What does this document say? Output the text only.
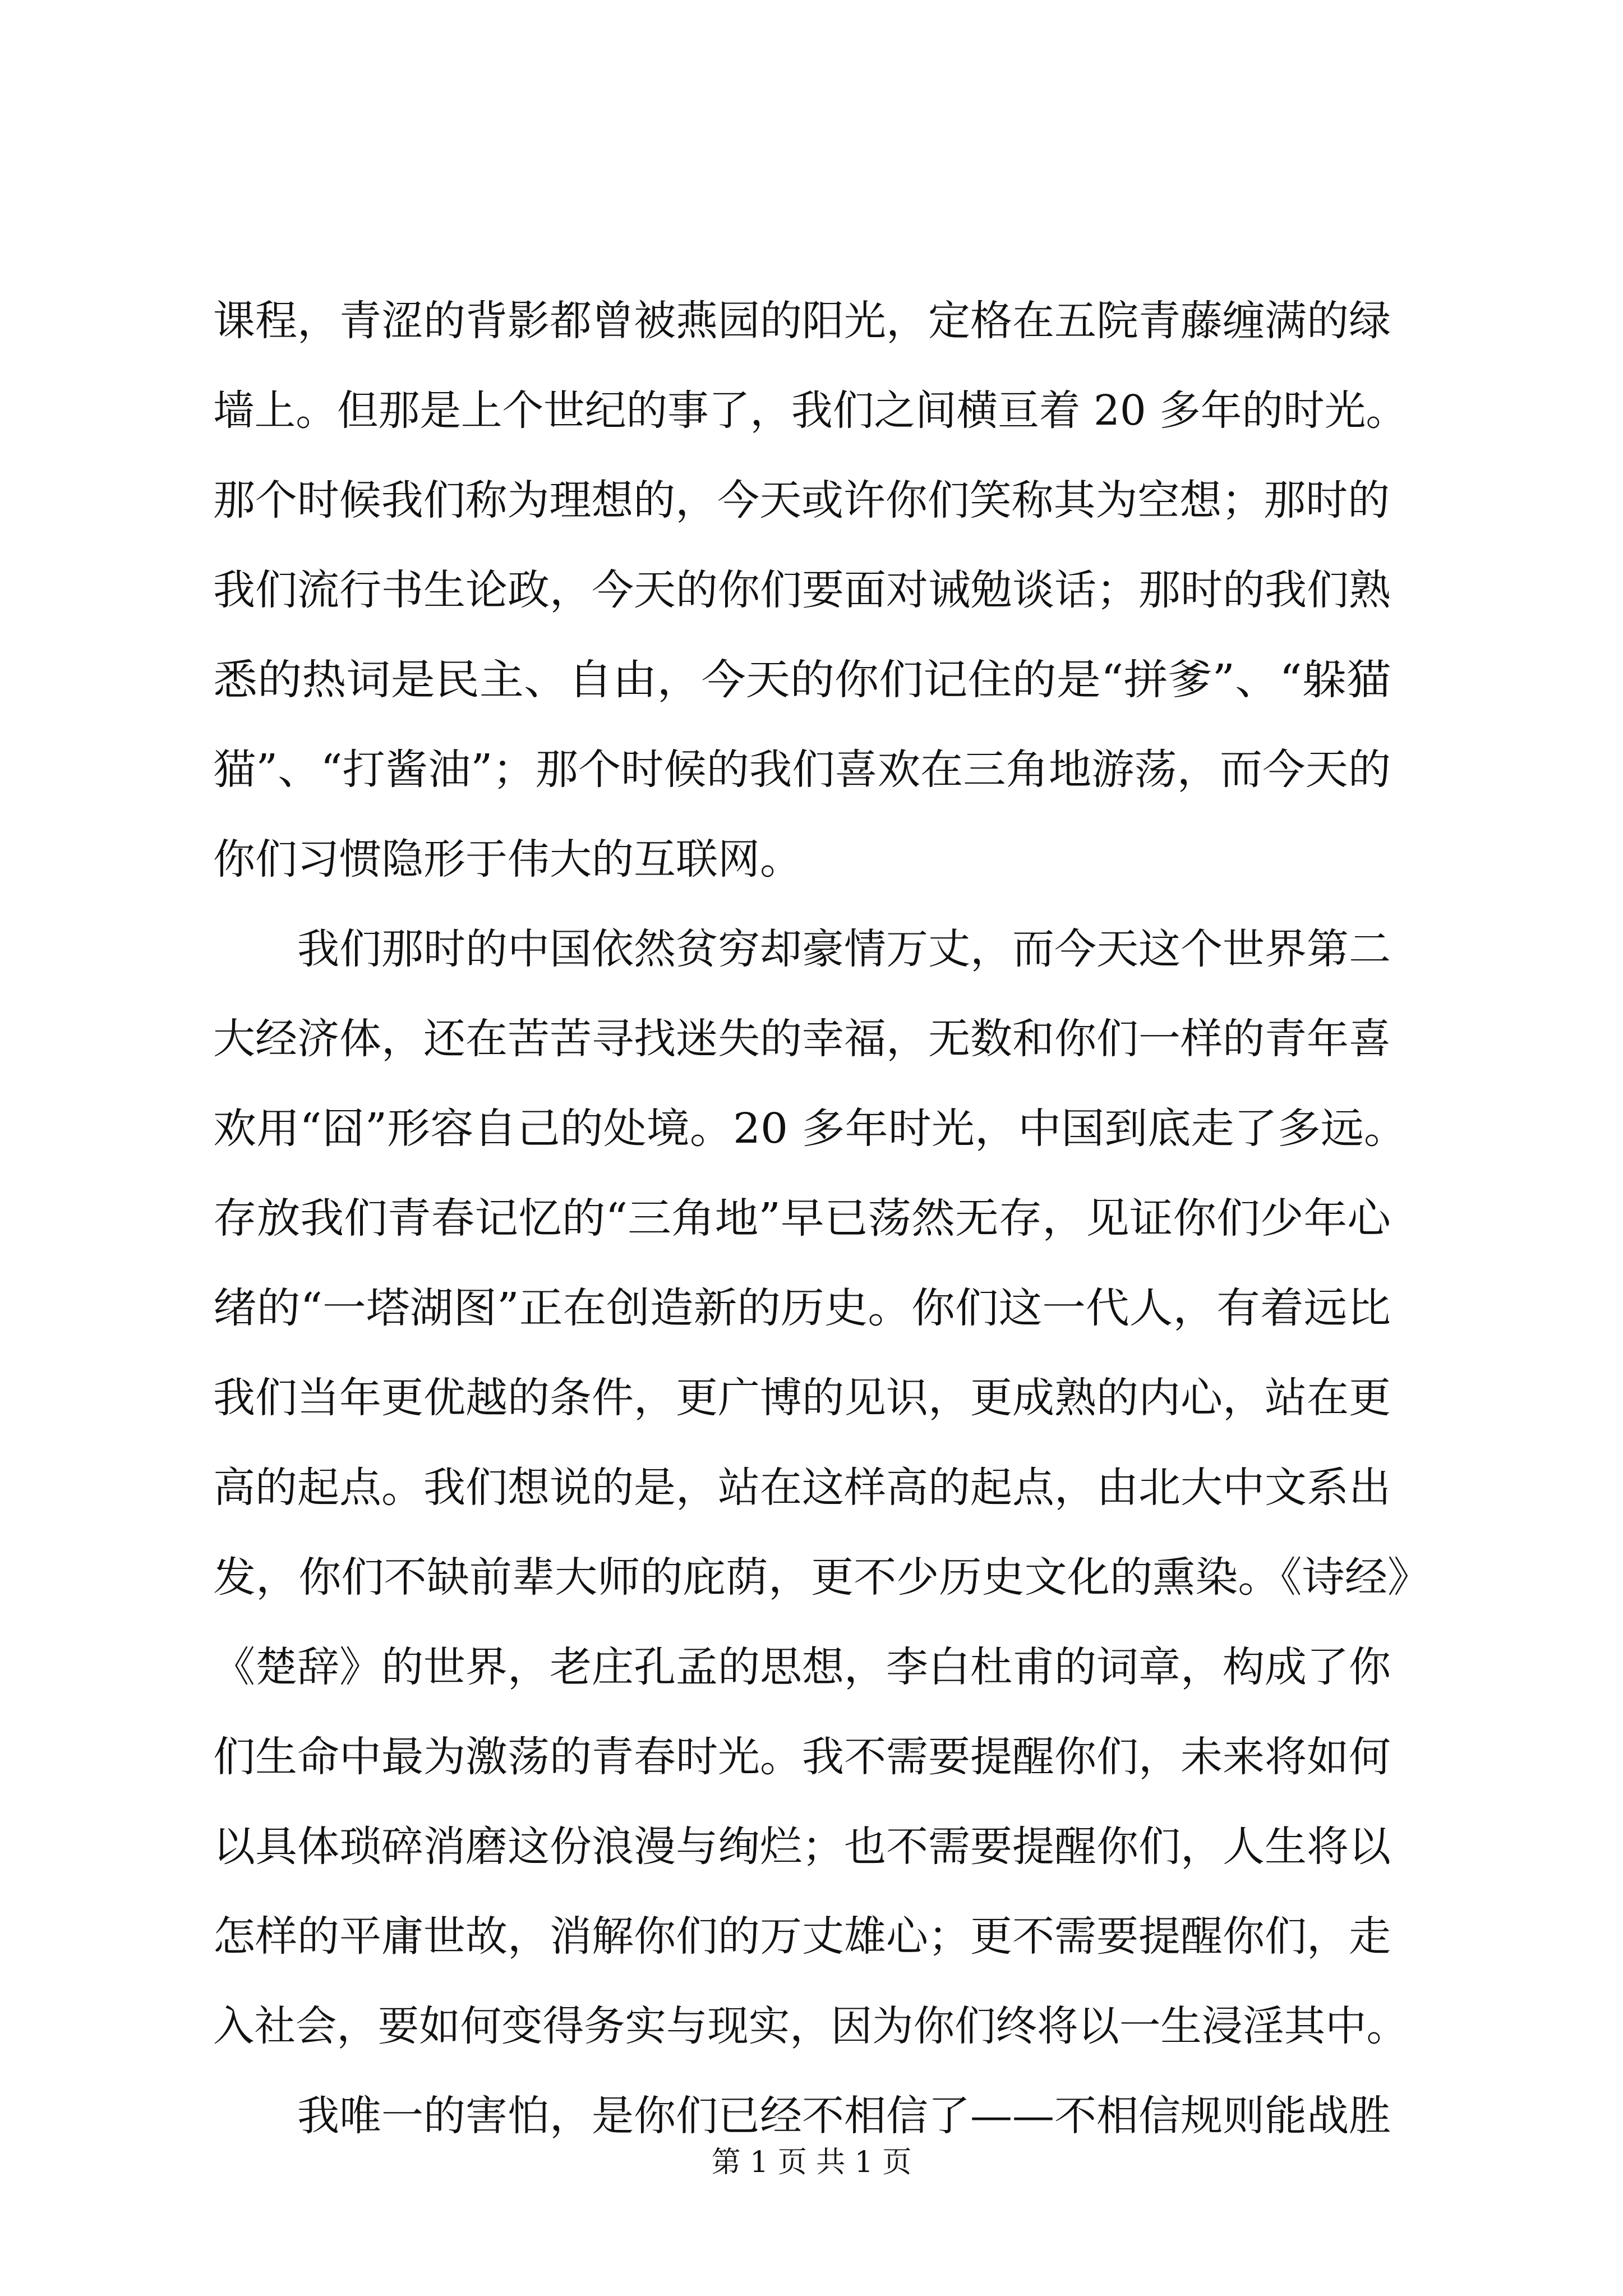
课程，青涩的背影都曾被燕园的阳光，定格在五院青藤缠满的绿
墙上。但那是上个世纪的事了，我们之间横亘着 20 多年的时光。
那个时候我们称为理想的，今天或许你们笑称其为空想；那时的
我们流行书生论政，今天的你们要面对诫勉谈话；那时的我们熟
悉的热词是民主、自由，今天的你们记住的是“拼爹”、“躲猫
猫”、“打酱油”；那个时候的我们喜欢在三角地游荡，而今天的
你们习惯隐形于伟大的互联网。
我们那时的中国依然贫穷却豪情万丈，而今天这个世界第二
大经济体，还在苦苦寻找迷失的幸福，无数和你们一样的青年喜
欢用“囧”形容自己的处境。20 多年时光，中国到底走了多远。
存放我们青春记忆的“三角地”早已荡然无存，见证你们少年心
绪的“一塔湖图”正在创造新的历史。你们这一代人，有着远比
我们当年更优越的条件，更广博的见识，更成熟的内心，站在更
高的起点。我们想说的是，站在这样高的起点，由北大中文系出
发，你们不缺前辈大师的庇荫，更不少历史文化的熏染。《诗经》
《楚辞》的世界，老庄孔孟的思想，李白杜甫的词章，构成了你
们生命中最为激荡的青春时光。我不需要提醒你们，未来将如何
以具体琐碎消磨这份浪漫与绚烂；也不需要提醒你们，人生将以
怎样的平庸世故，消解你们的万丈雄心；更不需要提醒你们，走
入社会，要如何变得务实与现实，因为你们终将以一生浸淫其中。
我唯一的害怕，是你们已经不相信了——不相信规则能战胜
第 1 页 共 1 页
